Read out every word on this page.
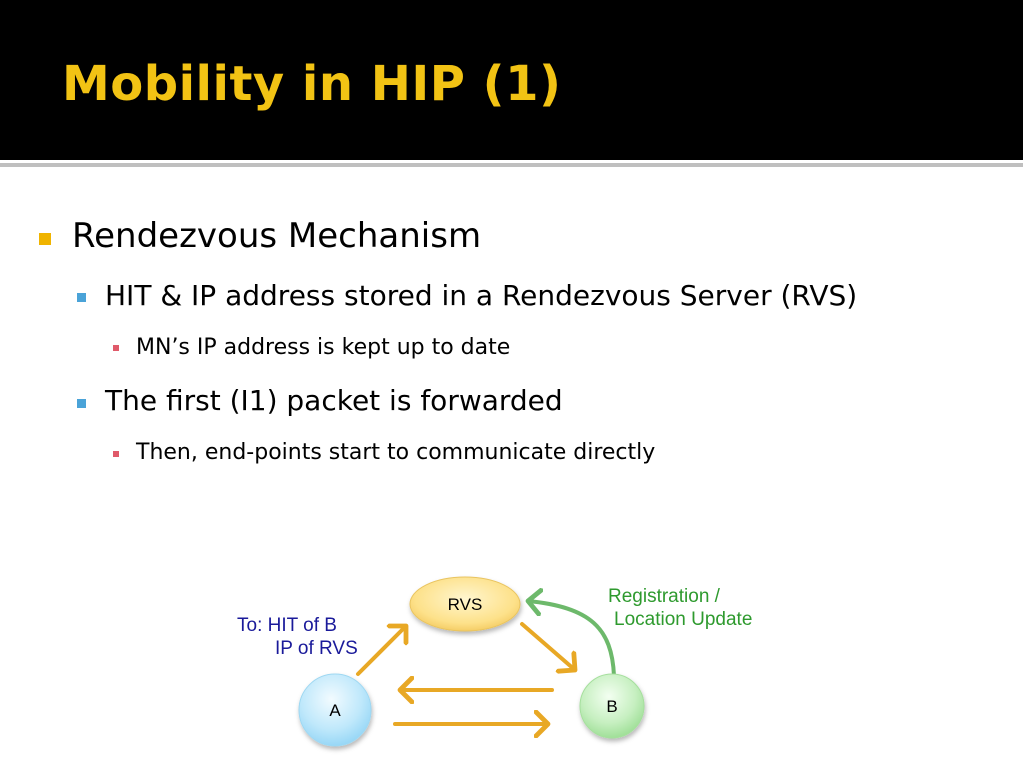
Mobility in HIP (1)
Rendezvous Mechanism
HIT & IP address stored in a Rendezvous Server (RVS)
MN’s IP address is kept up to date
The first (I1) packet is forwarded
Then, end-points start to communicate directly
RVS
A	B
To: HIT of B
IP of RVS
Registration /
Location Update
